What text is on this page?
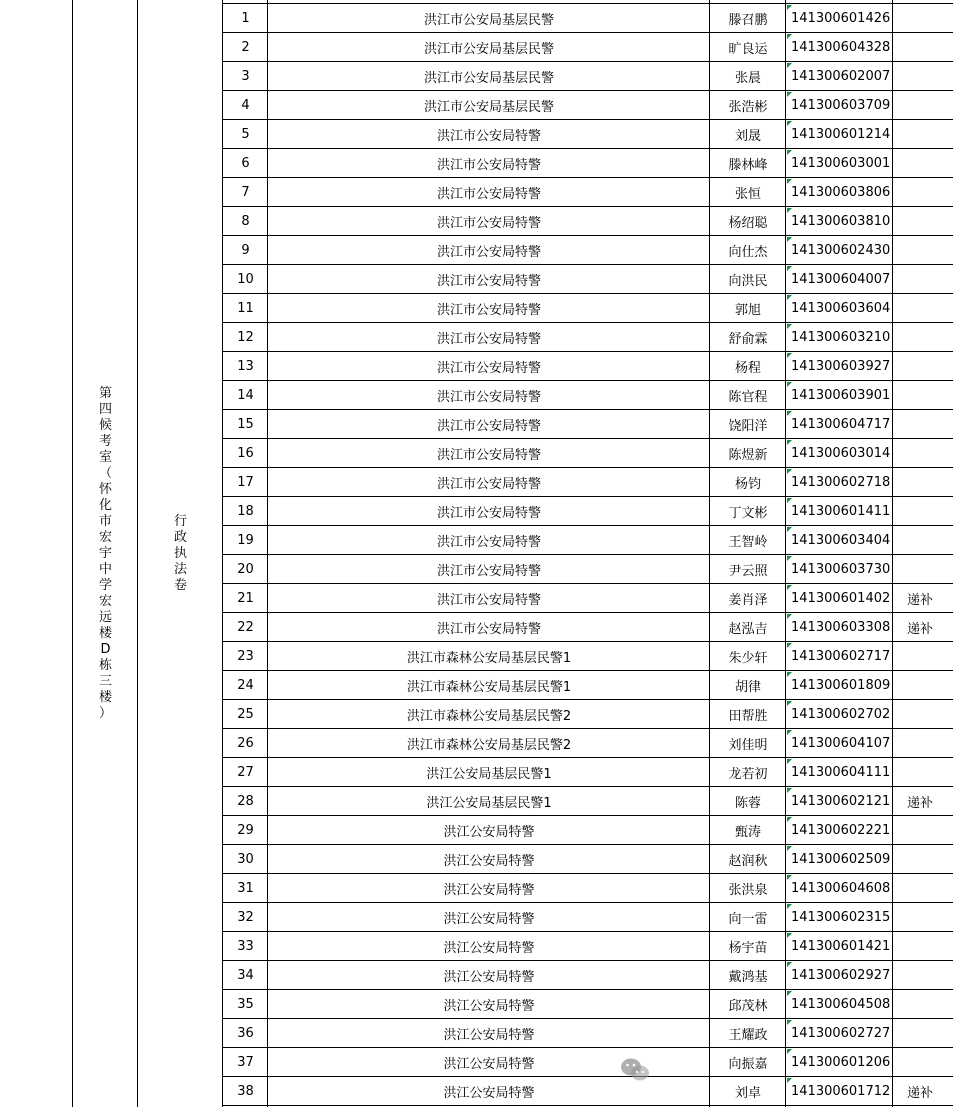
第
四
候
考
室
（
怀
化
市
宏
宇
中
学
宏
远
楼
D
栋
三
楼
）
行
政
执
法
卷
1	洪江市公安局基层民警	滕召鹏	141300601426
2	洪江市公安局基层民警	旷良运	141300604328
3	洪江市公安局基层民警	张晨	141300602007
4	洪江市公安局基层民警	张浩彬	141300603709
5	洪江市公安局特警	刘晟	141300601214
6	洪江市公安局特警	滕林峰	141300603001
7	洪江市公安局特警	张恒	141300603806
8	洪江市公安局特警	杨绍聪	141300603810
9	洪江市公安局特警	向仕杰	141300602430
10	洪江市公安局特警	向洪民	141300604007
11	洪江市公安局特警	郭旭	141300603604
12	洪江市公安局特警	舒俞霖	141300603210
13	洪江市公安局特警	杨程	141300603927
14	洪江市公安局特警	陈官程	141300603901
15	洪江市公安局特警	饶阳洋	141300604717
16	洪江市公安局特警	陈煜新	141300603014
17	洪江市公安局特警	杨钧	141300602718
18	洪江市公安局特警	丁文彬	141300601411
19	洪江市公安局特警	王智岭	141300603404
20	洪江市公安局特警	尹云照	141300603730
21	洪江市公安局特警	姜肖泽	141300601402	递补
22	洪江市公安局特警	赵泓吉	141300603308	递补
23	洪江市森林公安局基层民警1	朱少轩	141300602717
24	洪江市森林公安局基层民警1	胡律	141300601809
25	洪江市森林公安局基层民警2	田帮胜	141300602702
26	洪江市森林公安局基层民警2	刘佳明	141300604107
27	洪江公安局基层民警1	龙若初	141300604111
28	洪江公安局基层民警1	陈蓉	141300602121	递补
29	洪江公安局特警	甄涛	141300602221
30	洪江公安局特警	赵润秋	141300602509
31	洪江公安局特警	张洪泉	141300604608
32	洪江公安局特警	向一雷	141300602315
33	洪江公安局特警	杨宇苗	141300601421
34	洪江公安局特警	戴鸿基	141300602927
35	洪江公安局特警	邱茂林	141300604508
36	洪江公安局特警	王耀政	141300602727
37	洪江公安局特警	向振嘉	141300601206
38	洪江公安局特警	刘卓	141300601712	递补
